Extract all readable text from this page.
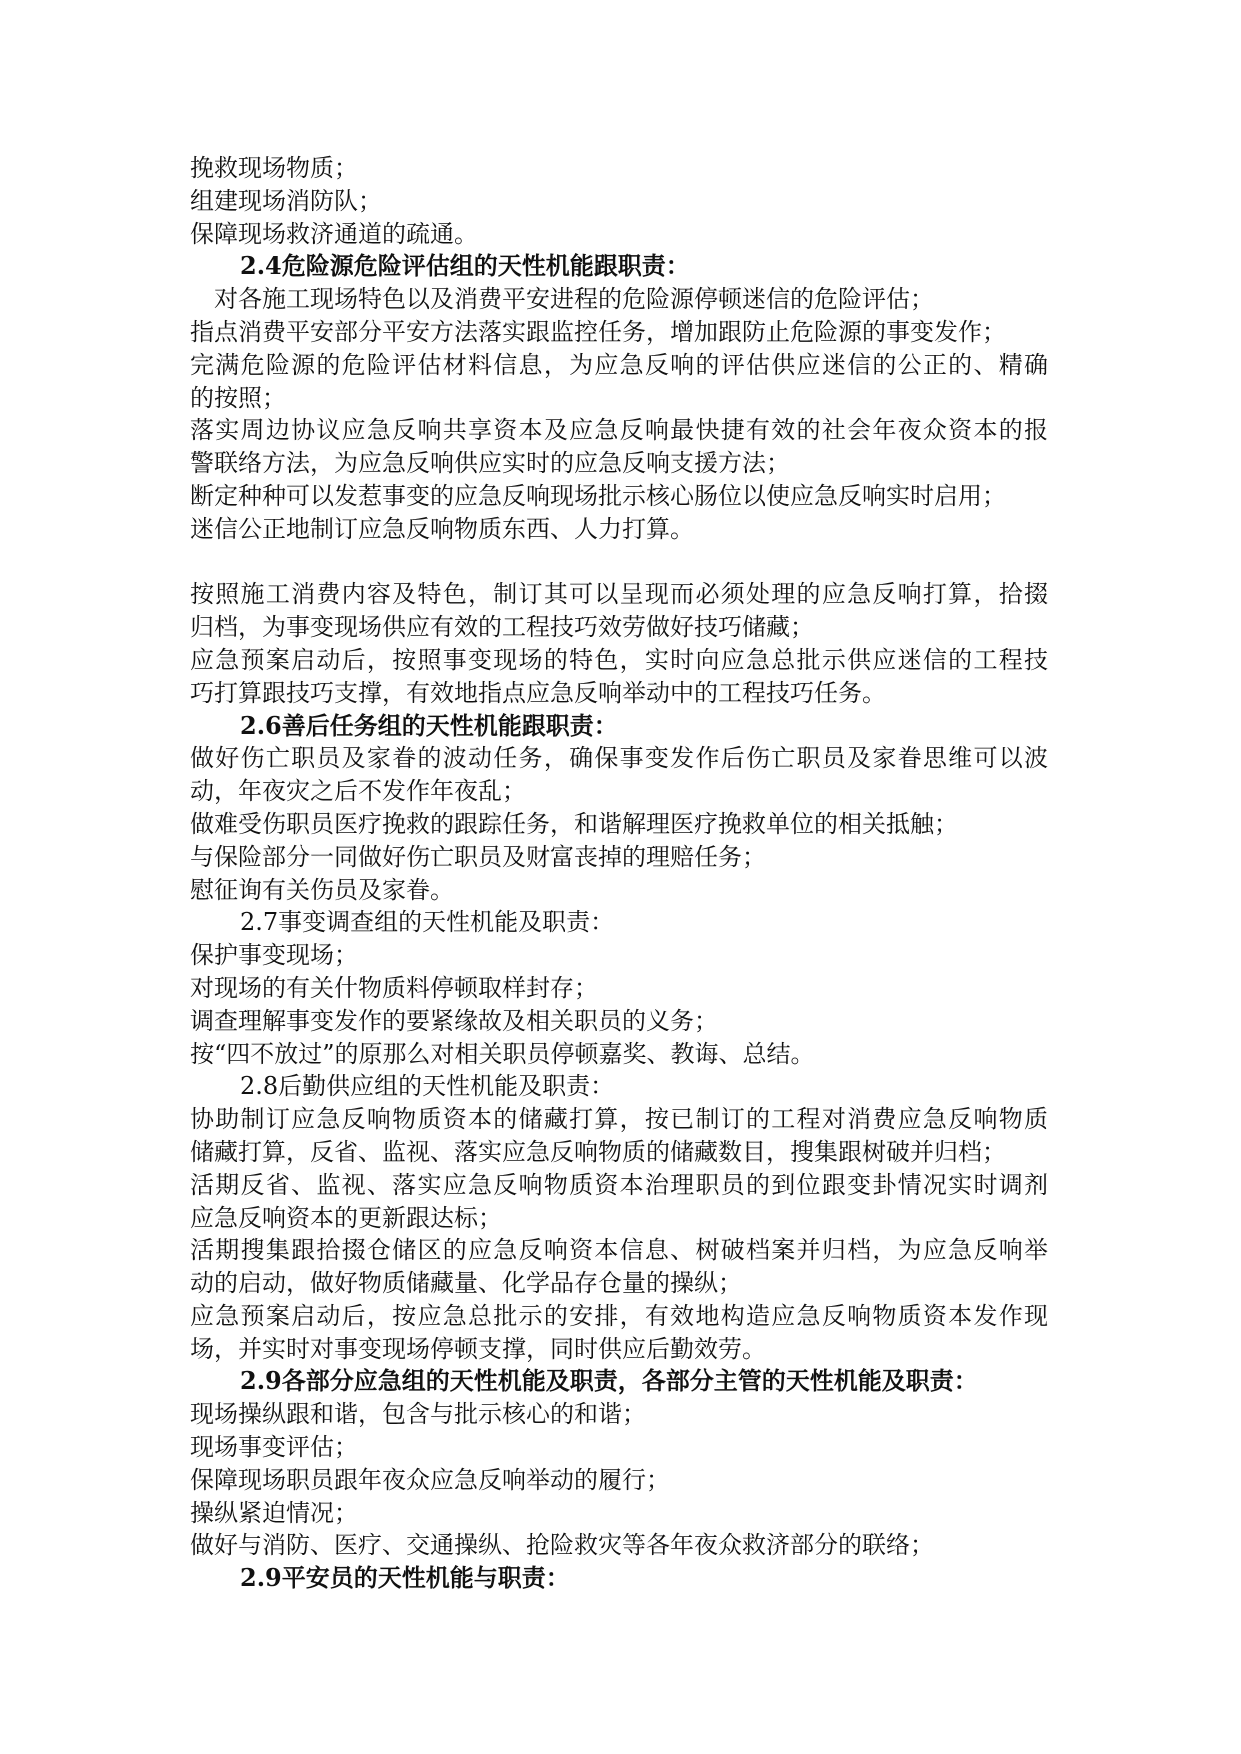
挽救现场物质；
组建现场消防队；
保障现场救济通道的疏通。
2.4危险源危险评估组的天性机能跟职责：
对各施工现场特色以及消费平安进程的危险源停顿迷信的危险评估；
指点消费平安部分平安方法落实跟监控任务，增加跟防止危险源的事变发作；
完满危险源的危险评估材料信息，为应急反响的评估供应迷信的公正的、精确
的按照；
落实周边协议应急反响共享资本及应急反响最快捷有效的社会年夜众资本的报
警联络方法，为应急反响供应实时的应急反响支援方法；
断定种种可以发惹事变的应急反响现场批示核心肠位以使应急反响实时启用；
迷信公正地制订应急反响物质东西、人力打算。
按照施工消费内容及特色，制订其可以呈现而必须处理的应急反响打算，拾掇
归档，为事变现场供应有效的工程技巧效劳做好技巧储藏；
应急预案启动后，按照事变现场的特色，实时向应急总批示供应迷信的工程技
巧打算跟技巧支撑，有效地指点应急反响举动中的工程技巧任务。
2.6善后任务组的天性机能跟职责：
做好伤亡职员及家眷的波动任务，确保事变发作后伤亡职员及家眷思维可以波
动，年夜灾之后不发作年夜乱；
做难受伤职员医疗挽救的跟踪任务，和谐解理医疗挽救单位的相关抵触；
与保险部分一同做好伤亡职员及财富丧掉的理赔任务；
慰征询有关伤员及家眷。
2.7事变调查组的天性机能及职责：
保护事变现场；
对现场的有关什物质料停顿取样封存；
调查理解事变发作的要紧缘故及相关职员的义务；
按“四不放过”的原那么对相关职员停顿嘉奖、教诲、总结。
2.8后勤供应组的天性机能及职责：
协助制订应急反响物质资本的储藏打算，按已制订的工程对消费应急反响物质
储藏打算，反省、监视、落实应急反响物质的储藏数目，搜集跟树破并归档；
活期反省、监视、落实应急反响物质资本治理职员的到位跟变卦情况实时调剂
应急反响资本的更新跟达标；
活期搜集跟拾掇仓储区的应急反响资本信息、树破档案并归档，为应急反响举
动的启动，做好物质储藏量、化学品存仓量的操纵；
应急预案启动后，按应急总批示的安排，有效地构造应急反响物质资本发作现
场，并实时对事变现场停顿支撑，同时供应后勤效劳。
2.9各部分应急组的天性机能及职责，各部分主管的天性机能及职责：
现场操纵跟和谐，包含与批示核心的和谐；
现场事变评估；
保障现场职员跟年夜众应急反响举动的履行；
操纵紧迫情况；
做好与消防、医疗、交通操纵、抢险救灾等各年夜众救济部分的联络；
2.9平安员的天性机能与职责：
